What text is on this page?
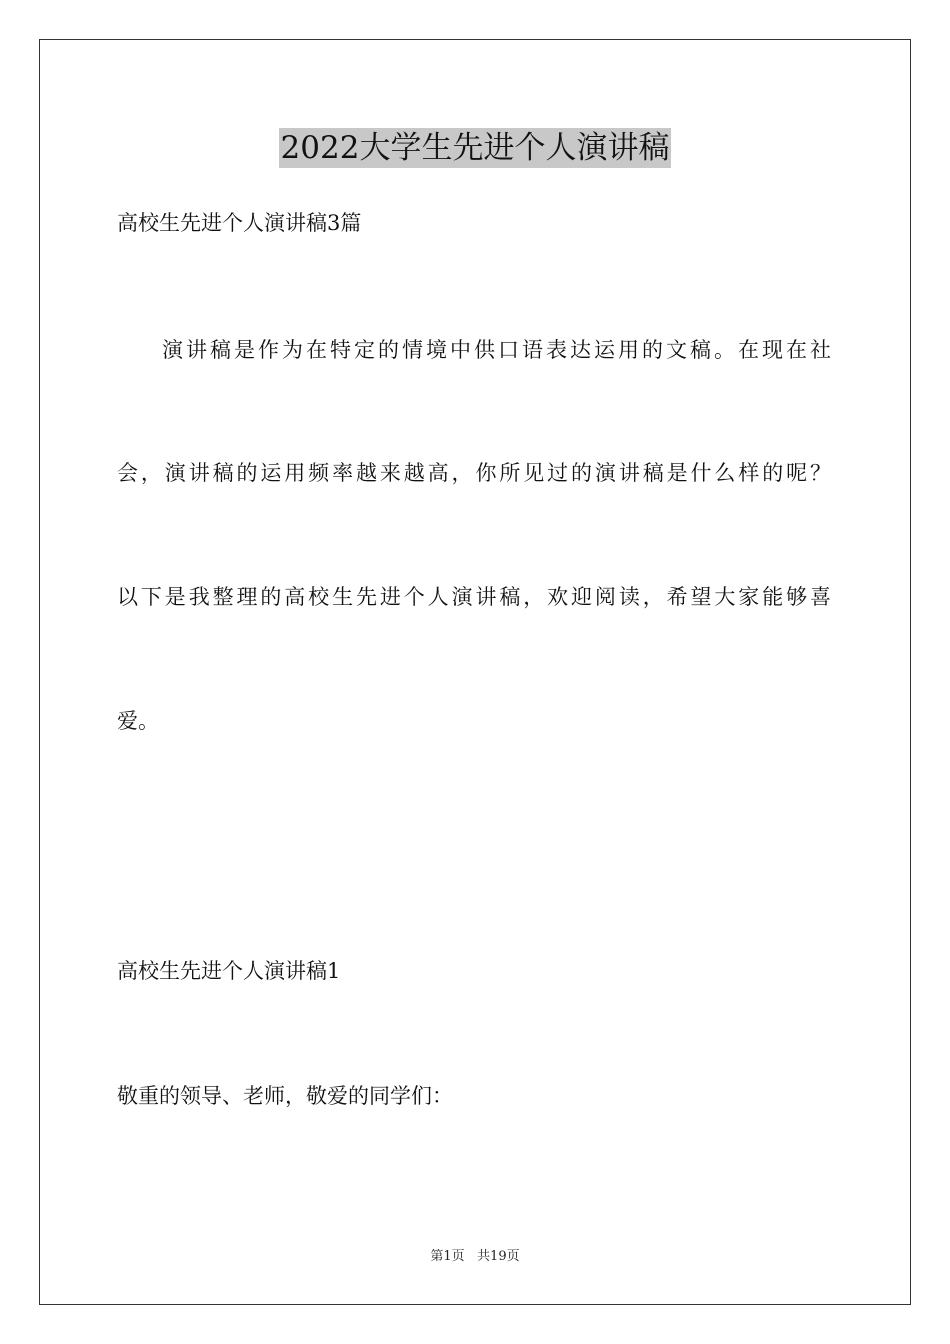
2022大学生先进个人演讲稿
高校生先进个人演讲稿3篇
演讲稿是作为在特定的情境中供口语表达运用的文稿。在现在社
会，演讲稿的运用频率越来越高，你所见过的演讲稿是什么样的呢？
以下是我整理的高校生先进个人演讲稿，欢迎阅读，希望大家能够喜
爱。
高校生先进个人演讲稿1
敬重的领导、老师，敬爱的同学们：
第1页   共19页
